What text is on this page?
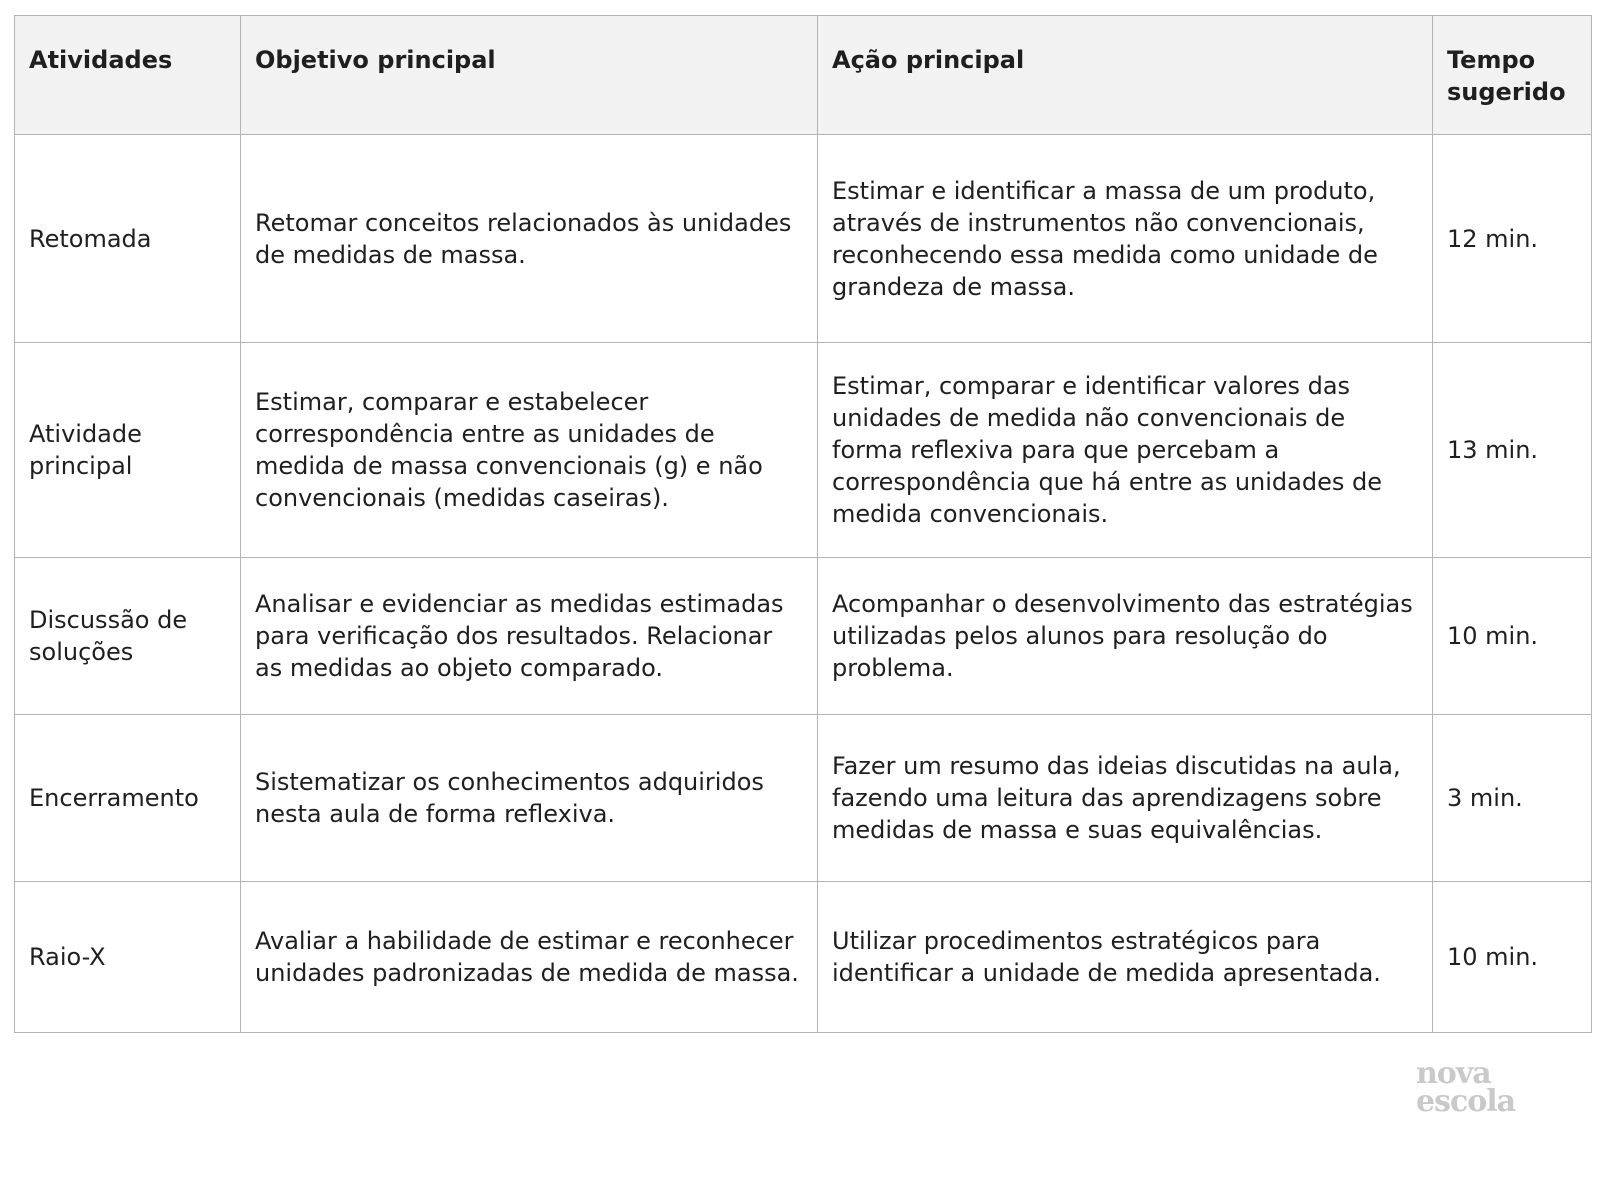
Atividades	Objetivo principal	Ação principal	Tempo sugerido
Retomada	Retomar conceitos relacionados às unidades de medidas de massa.	Estimar e identificar a massa de um produto, através de instrumentos não convencionais, reconhecendo essa medida como unidade de grandeza de massa.	12 min.
Atividade principal	Estimar, comparar e estabelecer correspondência entre as unidades de medida de massa convencionais (g) e não convencionais (medidas caseiras).	Estimar, comparar e identificar valores das unidades de medida não convencionais de forma reflexiva para que percebam a correspondência que há entre as unidades de medida convencionais.	13 min.
Discussão de soluções	Analisar e evidenciar as medidas estimadas para verificação dos resultados. Relacionar as medidas ao objeto comparado.	Acompanhar o desenvolvimento das estratégias utilizadas pelos alunos para resolução do problema.	10 min.
Encerramento	Sistematizar os conhecimentos adquiridos nesta aula de forma reflexiva.	Fazer um resumo das ideias discutidas na aula, fazendo uma leitura das aprendizagens sobre medidas de massa e suas equivalências.	3 min.
Raio-X	Avaliar a habilidade de estimar e reconhecer unidades padronizadas de medida de massa.	Utilizar procedimentos estratégicos para identificar a unidade de medida apresentada.	10 min.
nova
escola
